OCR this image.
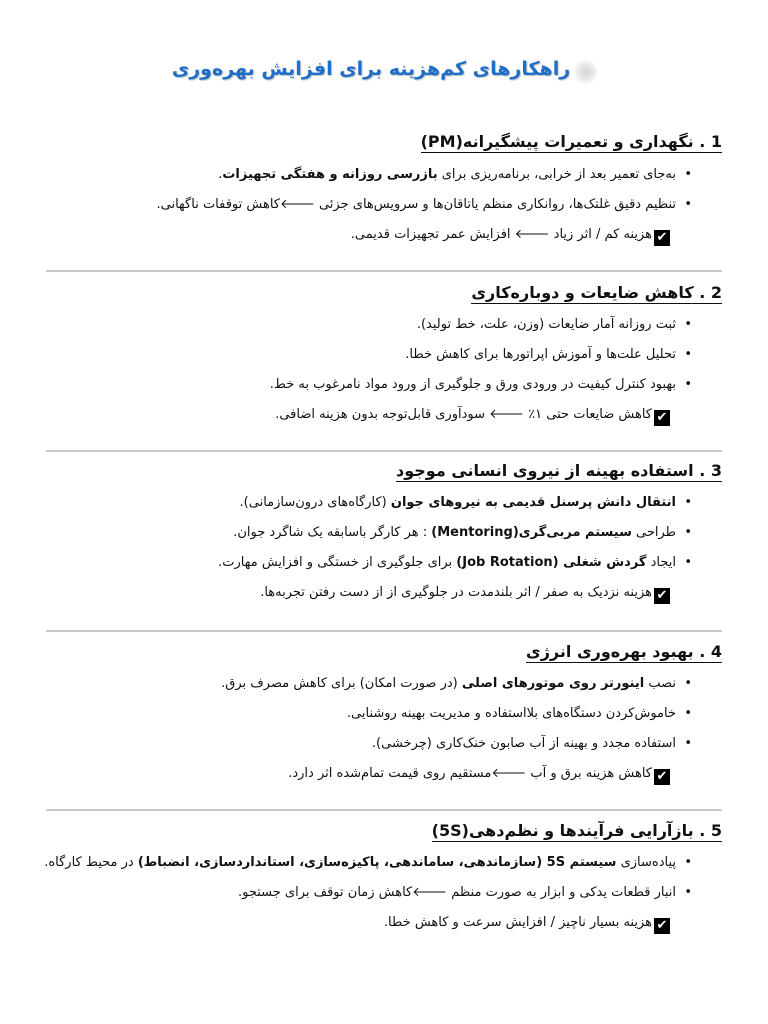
راهکارهای کم‌هزینه برای افزایش بهره‌وری
1 . نگهداری و تعمیرات پیشگیرانه(PM)
•
به‌جای تعمیر بعد از خرابی، برنامه‌ریزی برای بازرسی روزانه و هفتگی تجهیزات.
•
تنظیم دقیق غلتک‌ها، روانکاری منظم یاتاقان‌ها و سرویس‌های جزئی 🡐کاهش توقفات ناگهانی.
✔هزینه کم / اثر زیاد 🡐 افزایش عمر تجهیزات قدیمی.
2 . کاهش ضایعات و دوباره‌کاری
•
ثبت روزانه آمار ضایعات (وزن، علت، خط تولید).
•
تحلیل علت‌ها و آموزش اپراتورها برای کاهش خطا.
•
بهبود کنترل کیفیت در ورودی ورق و جلوگیری از ورود مواد نامرغوب به خط.
✔کاهش ضایعات حتی ۱٪ 🡐 سودآوری قابل‌توجه بدون هزینه اضافی.
3 . استفاده بهینه از نیروی انسانی موجود
•
انتقال دانش پرسنل قدیمی به نیروهای جوان (کارگاه‌های درون‌سازمانی).
•
طراحی سیستم مربی‌گری(Mentoring) : هر کارگر باسابقه یک شاگرد جوان.
•
ایجاد گردش شغلی (Job Rotation) برای جلوگیری از خستگی و افزایش مهارت.
✔هزینه نزدیک به صفر / اثر بلندمدت در جلوگیری از از دست رفتن تجربه‌ها.
4 . بهبود بهره‌وری انرژی
•
نصب اینورتر روی موتورهای اصلی (در صورت امکان) برای کاهش مصرف برق.
•
خاموش‌کردن دستگاه‌های بلااستفاده و مدیریت بهینه روشنایی.
•
استفاده مجدد و بهینه از آب صابون خنک‌کاری (چرخشی).
✔کاهش هزینه برق و آب 🡐مستقیم روی قیمت تمام‌شده اثر دارد.
5 . بازآرایی فرآیندها و نظم‌دهی(5S)
•
پیاده‌سازی سیستم 5S (سازماندهی، ساماندهی، پاکیزه‌سازی، استانداردسازی، انضباط) در محیط کارگاه.
•
انبار قطعات یدکی و ابزار به صورت منظم 🡐کاهش زمان توقف برای جستجو.
✔هزینه بسیار ناچیز / افزایش سرعت و کاهش خطا.
